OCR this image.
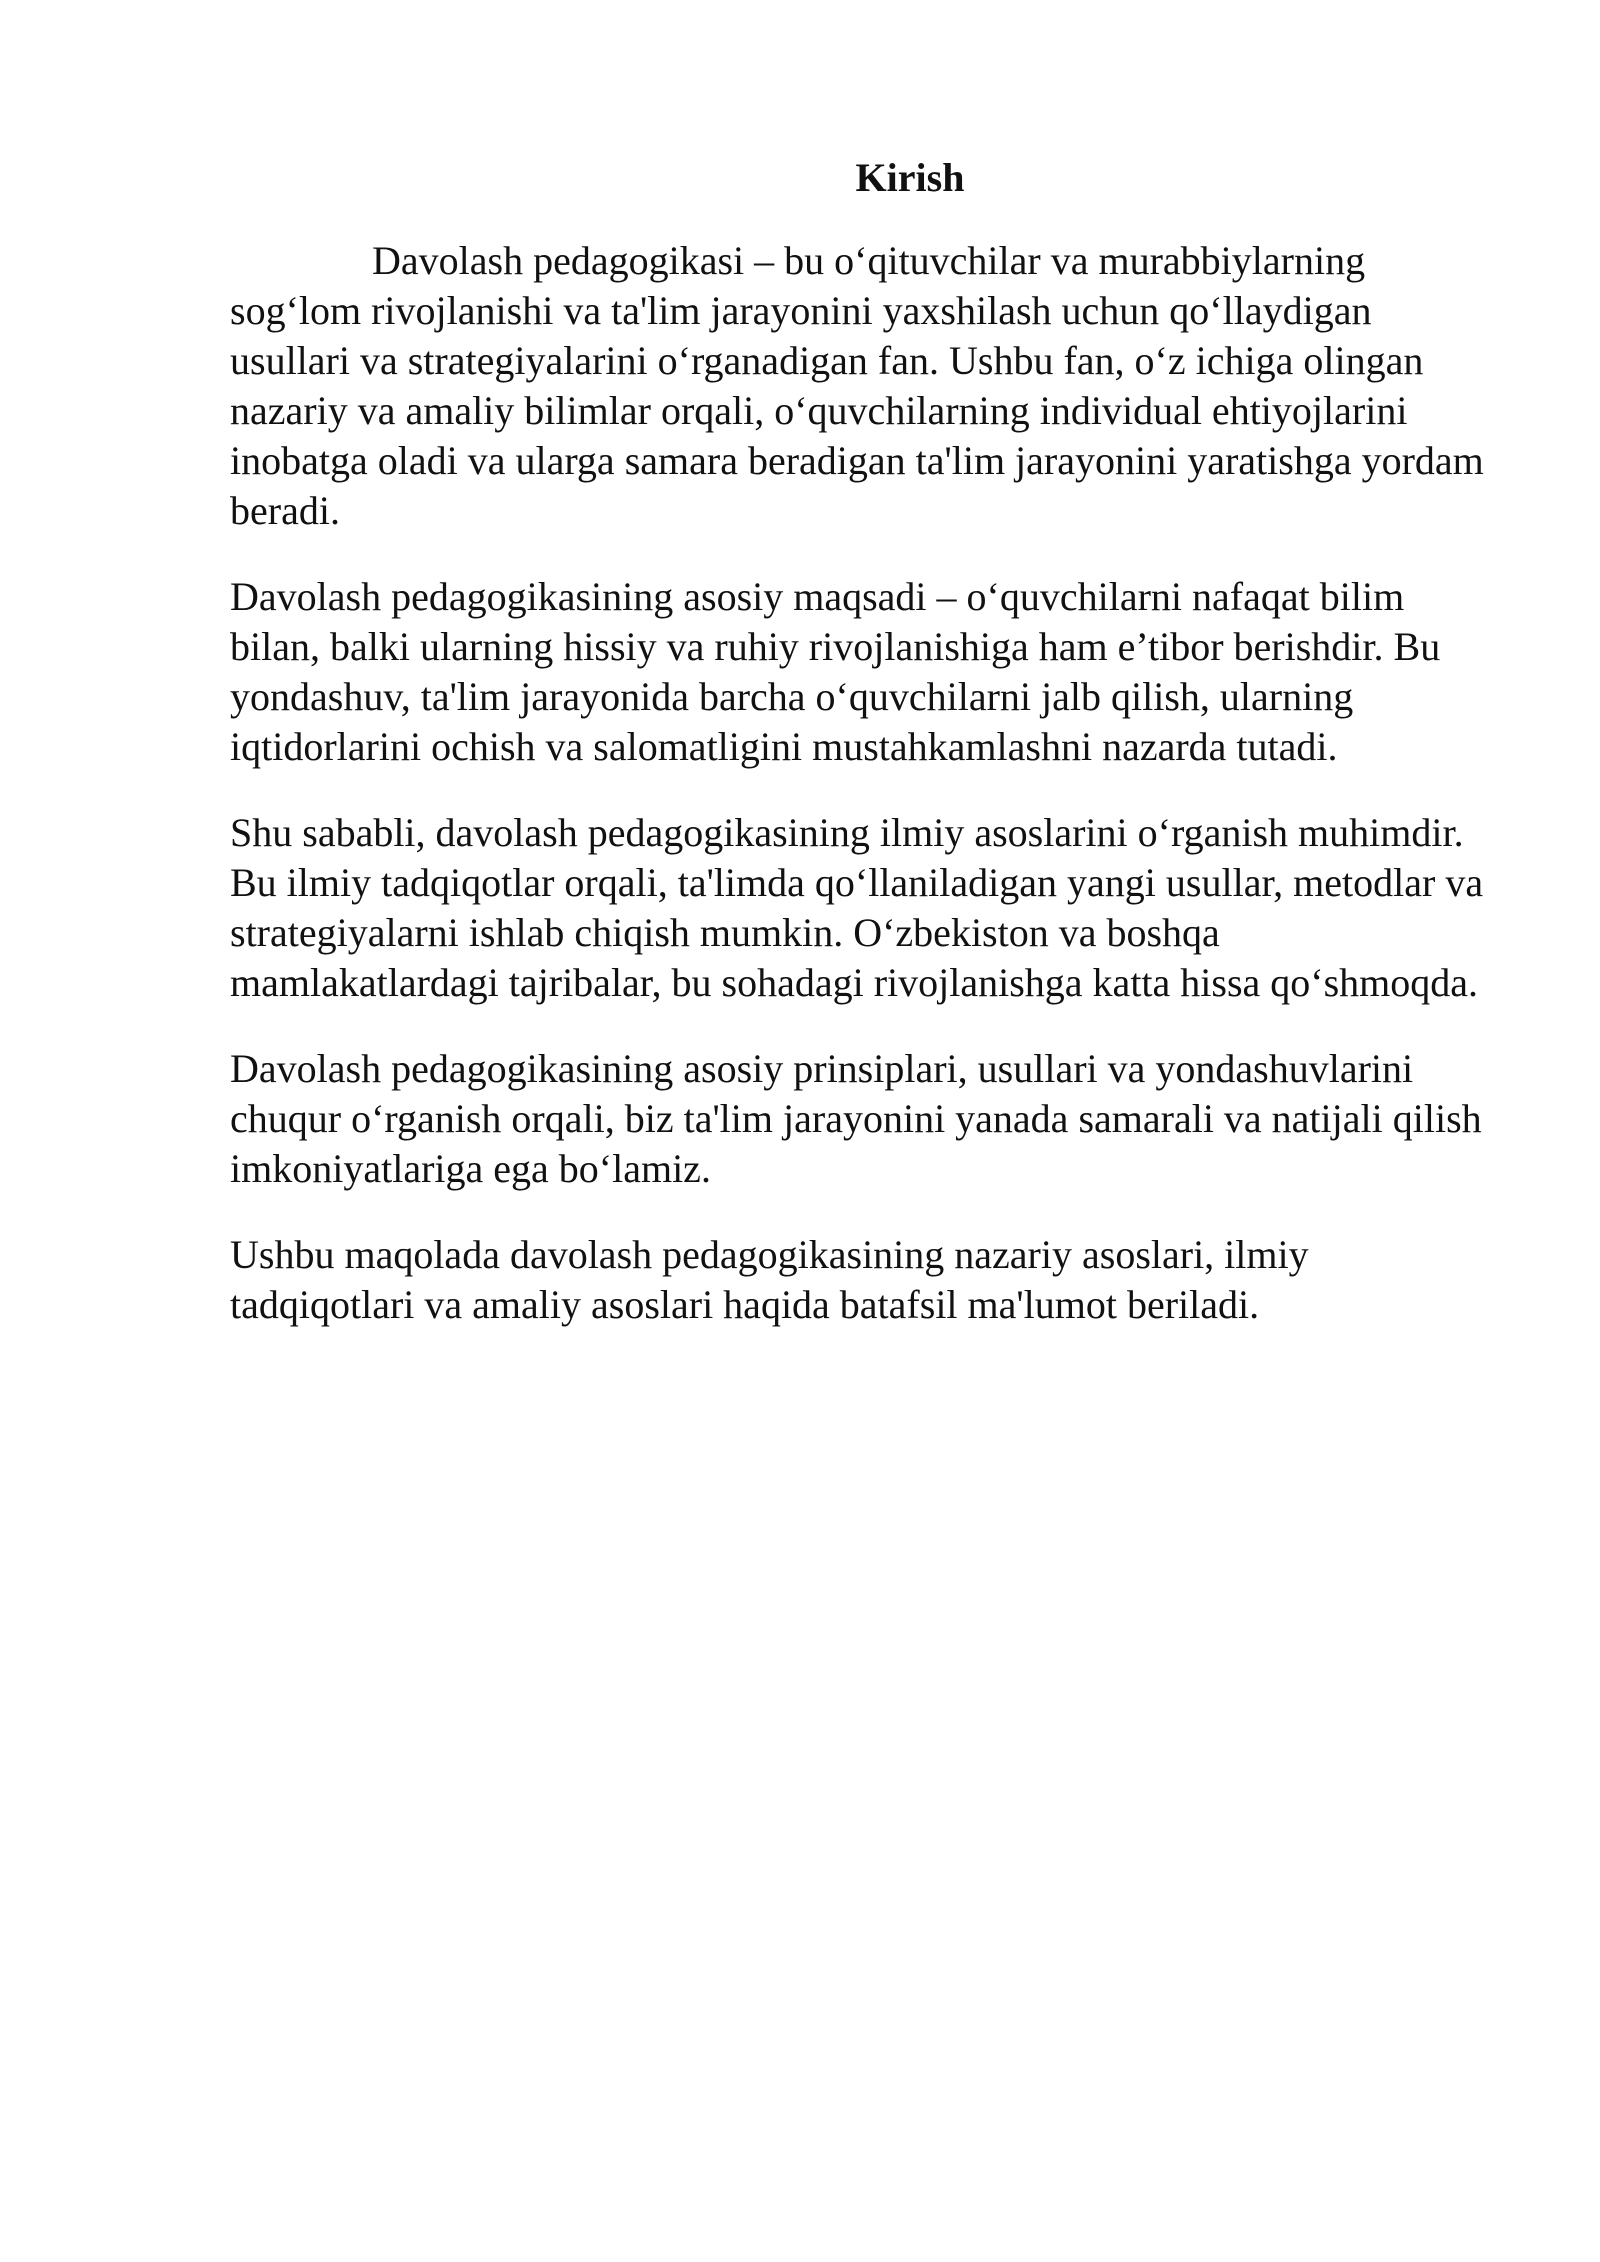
Kirish

Davolash pedagogikasi – bu o‘qituvchilar va murabbiylarning sog‘lom rivojlanishi va ta'lim jarayonini yaxshilash uchun qo‘llaydigan usullari va strategiyalarini o‘rganadigan fan. Ushbu fan, o‘z ichiga olingan nazariy va amaliy bilimlar orqali, o‘quvchilarning individual ehtiyojlarini inobatga oladi va ularga samara beradigan ta'lim jarayonini yaratishga yordam beradi.

Davolash pedagogikasining asosiy maqsadi – o‘quvchilarni nafaqat bilim bilan, balki ularning hissiy va ruhiy rivojlanishiga ham e’tibor berishdir. Bu yondashuv, ta'lim jarayonida barcha o‘quvchilarni jalb qilish, ularning iqtidorlarini ochish va salomatligini mustahkamlashni nazarda tutadi.

Shu sababli, davolash pedagogikasining ilmiy asoslarini o‘rganish muhimdir. Bu ilmiy tadqiqotlar orqali, ta'limda qo‘llaniladigan yangi usullar, metodlar va strategiyalarni ishlab chiqish mumkin. O‘zbekiston va boshqa mamlakatlardagi tajribalar, bu sohadagi rivojlanishga katta hissa qo‘shmoqda.

Davolash pedagogikasining asosiy prinsiplari, usullari va yondashuvlarini chuqur o‘rganish orqali, biz ta'lim jarayonini yanada samarali va natijali qilish imkoniyatlariga ega bo‘lamiz.

Ushbu maqolada davolash pedagogikasining nazariy asoslari, ilmiy tadqiqotlari va amaliy asoslari haqida batafsil ma'lumot beriladi.
